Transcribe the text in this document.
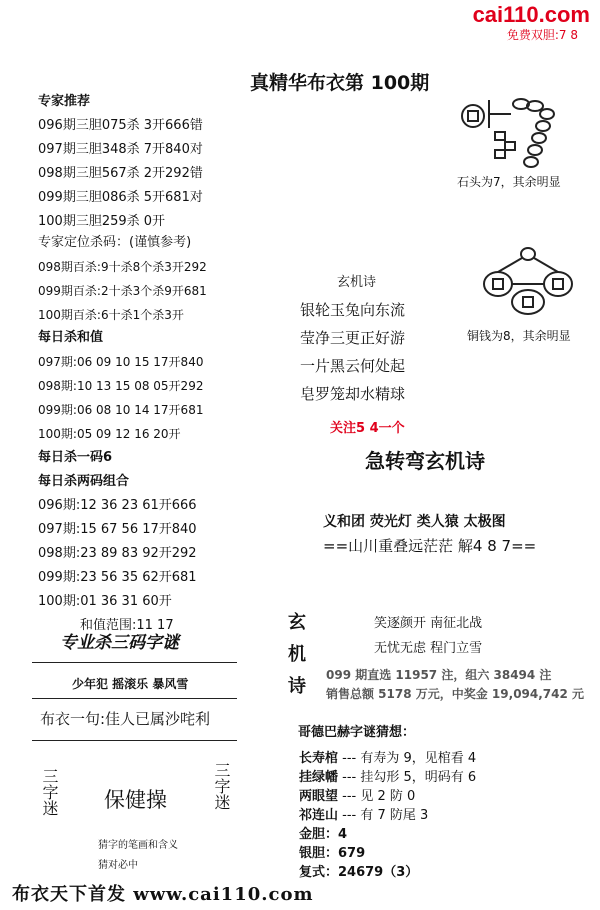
cai110.com
免费双胆:7 8
真精华布衣第 100期
专家推荐
096期三胆075杀 3开666错
097期三胆348杀 7开840对
098期三胆567杀 2开292错
099期三胆086杀 5开681对
100期三胆259杀 0开
专家定位杀码：(谨慎参考)
098期百杀:9十杀8个杀3开292
099期百杀:2十杀3个杀9开681
100期百杀:6十杀1个杀3开
每日杀和值
097期:06 09 10 15 17开840
098期:10 13 15 08 05开292
099期:06 08 10 14 17开681
100期:05 09 12 16 20开
每日杀一码6
每日杀两码组合
096期:12 36 23 61开666
097期:15 67 56 17开840
098期:23 89 83 92开292
099期:23 56 35 62开681
100期:01 36 31 60开
和值范围:11 17
专业杀三码字谜
少年犯 摇滚乐 暴风雪
布衣一句:佳人已属沙咤利
三字迷 保健操	三字迷
猜字的笔画和含义
猜对必中
石头为7，其余明显
铜钱为8，其余明显
玄机诗
银轮玉兔向东流
莹净三更正好游
一片黑云何处起
皂罗笼却水精球
关注5 4一个
急转弯玄机诗
义和团 荧光灯 类人猿 太极图
==山川重叠远茫茫 解4 8 7==
玄
机
诗
笑逐颜开 南征北战
无忧无虑 程门立雪
099 期直选 11957 注，组六 38494 注
销售总额 5178 万元，中奖金 19,094,742 元
哥德巴赫字谜猜想：
长寿棺 --- 有寿为 9，见棺看 4
挂绿幡 --- 挂勾形 5，明码有 6
两眼望 --- 见 2 防 0
祁连山 --- 有 7 防尾 3
金胆：4
银胆：679
复式：24679（3）
布衣天下首发 www.cai110.com
